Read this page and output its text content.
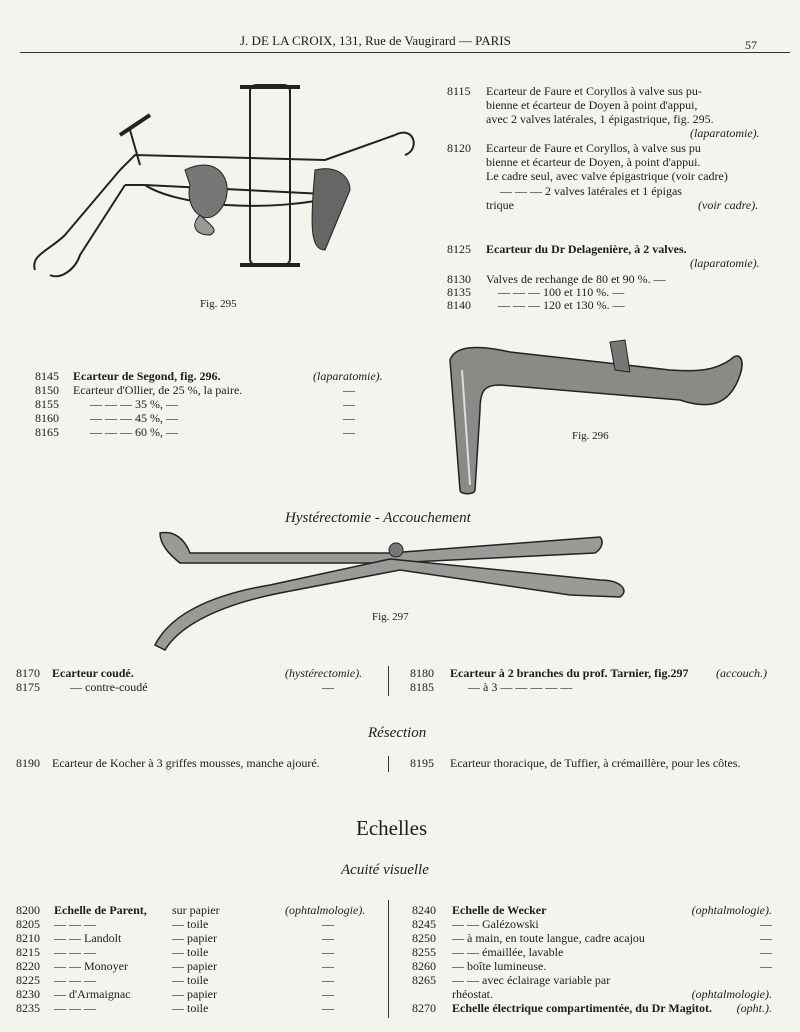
J. DE LA CROIX, 131, Rue de Vaugirard — PARIS	57
Fig. 295
8115 Ecarteur de Faure et Coryllos à valve sus pu-
bienne et écarteur de Doyen à point d'appui,
avec 2 valves latérales, 1 épigastrique, fig. 295.
(laparatomie).
8120 Ecarteur de Faure et Coryllos, à valve sus pu
bienne et écarteur de Doyen, à point d'appui.
Le cadre seul, avec valve épigastrique (voir cadre)
— — — 2 valves latérales et 1 épigas
trique	(voir cadre).
8125 Ecarteur du Dr Delagenière, à 2 valves.
(laparatomie).
8130 Valves de rechange de 80 et 90 %. —
8135 — — — 100 et 110 %. —
8140 — — — 120 et 130 %. —
8145 Ecarteur de Segond, fig. 296.	(laparatomie).
8150 Ecarteur d'Ollier, de 25 %, la paire.	—
8155	— — — 35 %, —	—
8160	— — — 45 %, —	—
8165	— — — 60 %, —	—	Fig. 296
Hystérectomie - Accouchement
Fig. 297
8170 Ecarteur coudé.	(hystérectomie).
8175	— contre-coudé	—
8180 Ecarteur à 2 branches du prof. Tarnier, fig.297 (accouch.)
8185	— à 3 — — — — —
Résection
8190 Ecarteur de Kocher à 3 griffes mousses, manche ajouré.	8195 Ecarteur thoracique, de Tuffier, à crémaillère, pour les côtes.
Echelles
Acuité visuelle
8200 Echelle de Parent, sur papier	(ophtalmologie).
8205 — — —	— toile	—
8210 — — Landolt	— papier	—
8215 — — —	— toile	—
8220 — — Monoyer	— papier	—
8225 — — —	— toile	—
8230 — d'Armaignac	— papier	—
8235 — — —	— toile	—
8240 Echelle de Wecker	(ophtalmologie).
8245 — — Galézowski	—
8250 — à main, en toute langue, cadre acajou	—
8255 — — émaillée, lavable	—
8260 — boîte lumineuse.	—
8265 — — avec éclairage variable par
rhéostat.	(ophtalmologie).
8270 Echelle électrique compartimentée, du Dr Magitot. (opht.).
